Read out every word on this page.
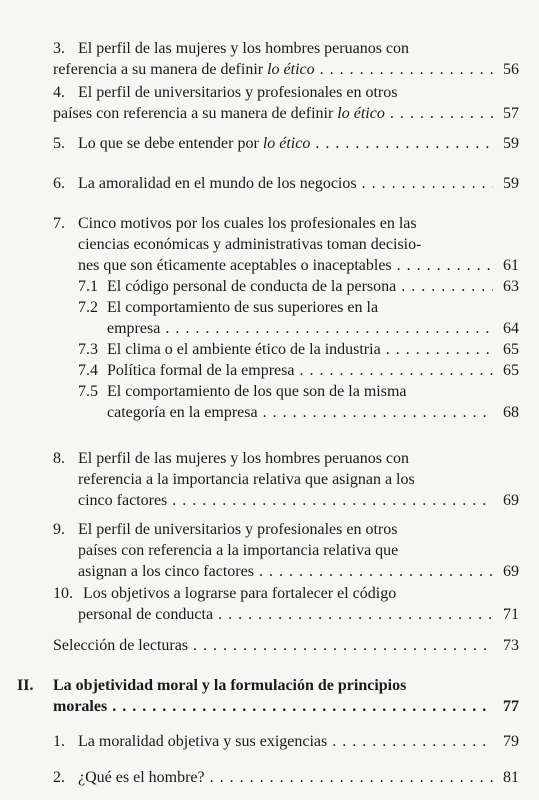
3. El perfil de las mujeres y los hombres peruanos con
referencia a su manera de definir lo ético . . .	56
4. El perfil de universitarios y profesionales en otros
países con referencia a su manera de definir lo ético . . .	57
5. Lo que se debe entender por lo ético . . .	59
6. La amoralidad en el mundo de los negocios . . .	59
7. Cinco motivos por los cuales los profesionales en las
ciencias económicas y administrativas toman decisio-
nes que son éticamente aceptables o inaceptables . . .	61
7.1 El código personal de conducta de la persona . . .	63
7.2 El comportamiento de sus superiores en la
empresa . . .	64
7.3 El clima o el ambiente ético de la industria . . .	65
7.4 Política formal de la empresa . . .	65
7.5 El comportamiento de los que son de la misma
categoría en la empresa . . .	68
8. El perfil de las mujeres y los hombres peruanos con
referencia a la importancia relativa que asignan a los
cinco factores . . .	69
9. El perfil de universitarios y profesionales en otros
países con referencia a la importancia relativa que
asignan a los cinco factores . . .	69
10. Los objetivos a lograrse para fortalecer el código
personal de conducta . . .	71
Selección de lecturas . . .	73
II. La objetividad moral y la formulación de principios
morales . . .	77
1. La moralidad objetiva y sus exigencias . . .	79
2. ¿Qué es el hombre? . . .	81
